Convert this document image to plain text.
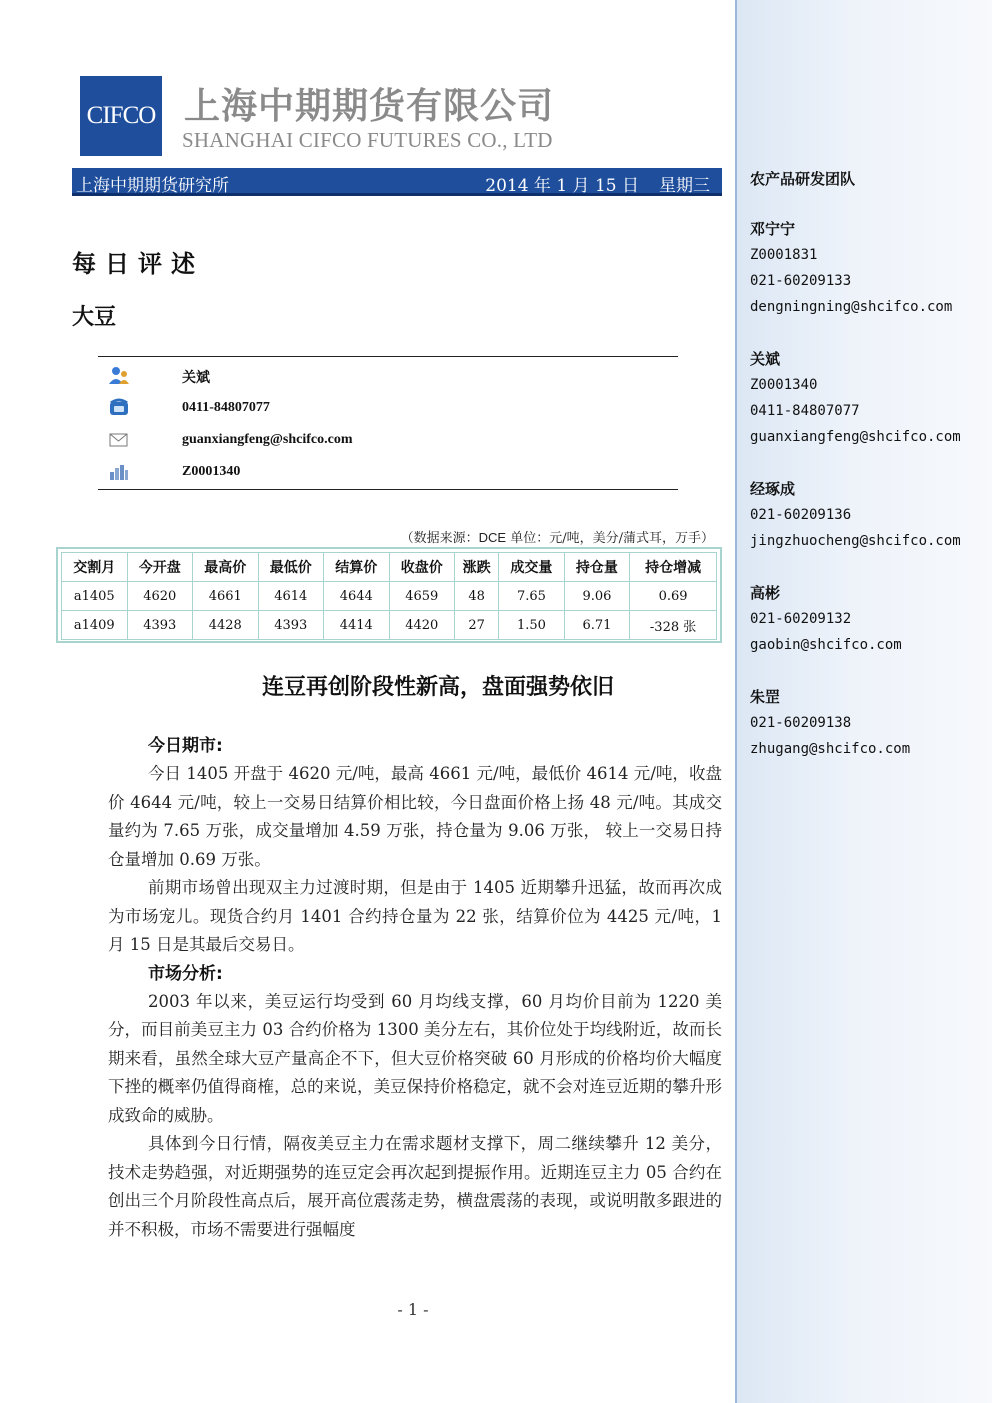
CIFCO 上海中期期货有限公司
SHANGHAI CIFCO FUTURES CO., LTD
上海中期期货研究所	2014 年 1 月 15 日 星期三
每日评述
大豆
关斌
0411-84807077
guanxiangfeng@shcifco.com
Z0001340
（数据来源：DCE 单位：元/吨，美分/蒲式耳，万手）
交割月	今开盘	最高价	最低价	结算价	收盘价	涨跌	成交量	持仓量	持仓增减
a1405	4620	4661	4614	4644	4659	48	7.65	9.06	0.69
a1409	4393	4428	4393	4414	4420	27	1.50	6.71	-328 张
连豆再创阶段性新高，盘面强势依旧
今日期市:

今日 1405 开盘于 4620 元/吨，最高 4661 元/吨，最低价 4614 元/吨，收盘价 4644 元/吨，较上一交易日结算价相比较，今日盘面价格上扬 48 元/吨。其成交量约为 7.65 万张，成交量增加 4.59 万张，持仓量为 9.06 万张， 较上一交易日持仓量增加 0.69 万张。

前期市场曾出现双主力过渡时期，但是由于 1405 近期攀升迅猛，故而再次成为市场宠儿。现货合约月 1401 合约持仓量为 22 张，结算价位为 4425 元/吨，1 月 15 日是其最后交易日。

市场分析:

2003 年以来，美豆运行均受到 60 月均线支撑，60 月均价目前为 1220 美分，而目前美豆主力 03 合约价格为 1300 美分左右，其价位处于均线附近，故而长期来看，虽然全球大豆产量高企不下，但大豆价格突破 60 月形成的价格均价大幅度下挫的概率仍值得商榷，总的来说，美豆保持价格稳定，就不会对连豆近期的攀升形成致命的威胁。

具体到今日行情，隔夜美豆主力在需求题材支撑下，周二继续攀升 12 美分，技术走势趋强，对近期强势的连豆定会再次起到提振作用。近期连豆主力 05 合约在创出三个月阶段性高点后，展开高位震荡走势，横盘震荡的表现，或说明散多跟进的并不积极，市场不需要进行强幅度

- 1 -
农产品研发团队
邓宁宁
Z0001831
021-60209133
dengningning@shcifco.com
关斌
Z0001340
0411-84807077
guanxiangfeng@shcifco.com
经琢成
021-60209136
jingzhuocheng@shcifco.com
高彬
021-60209132
gaobin@shcifco.com
朱罡
021-60209138
zhugang@shcifco.com
